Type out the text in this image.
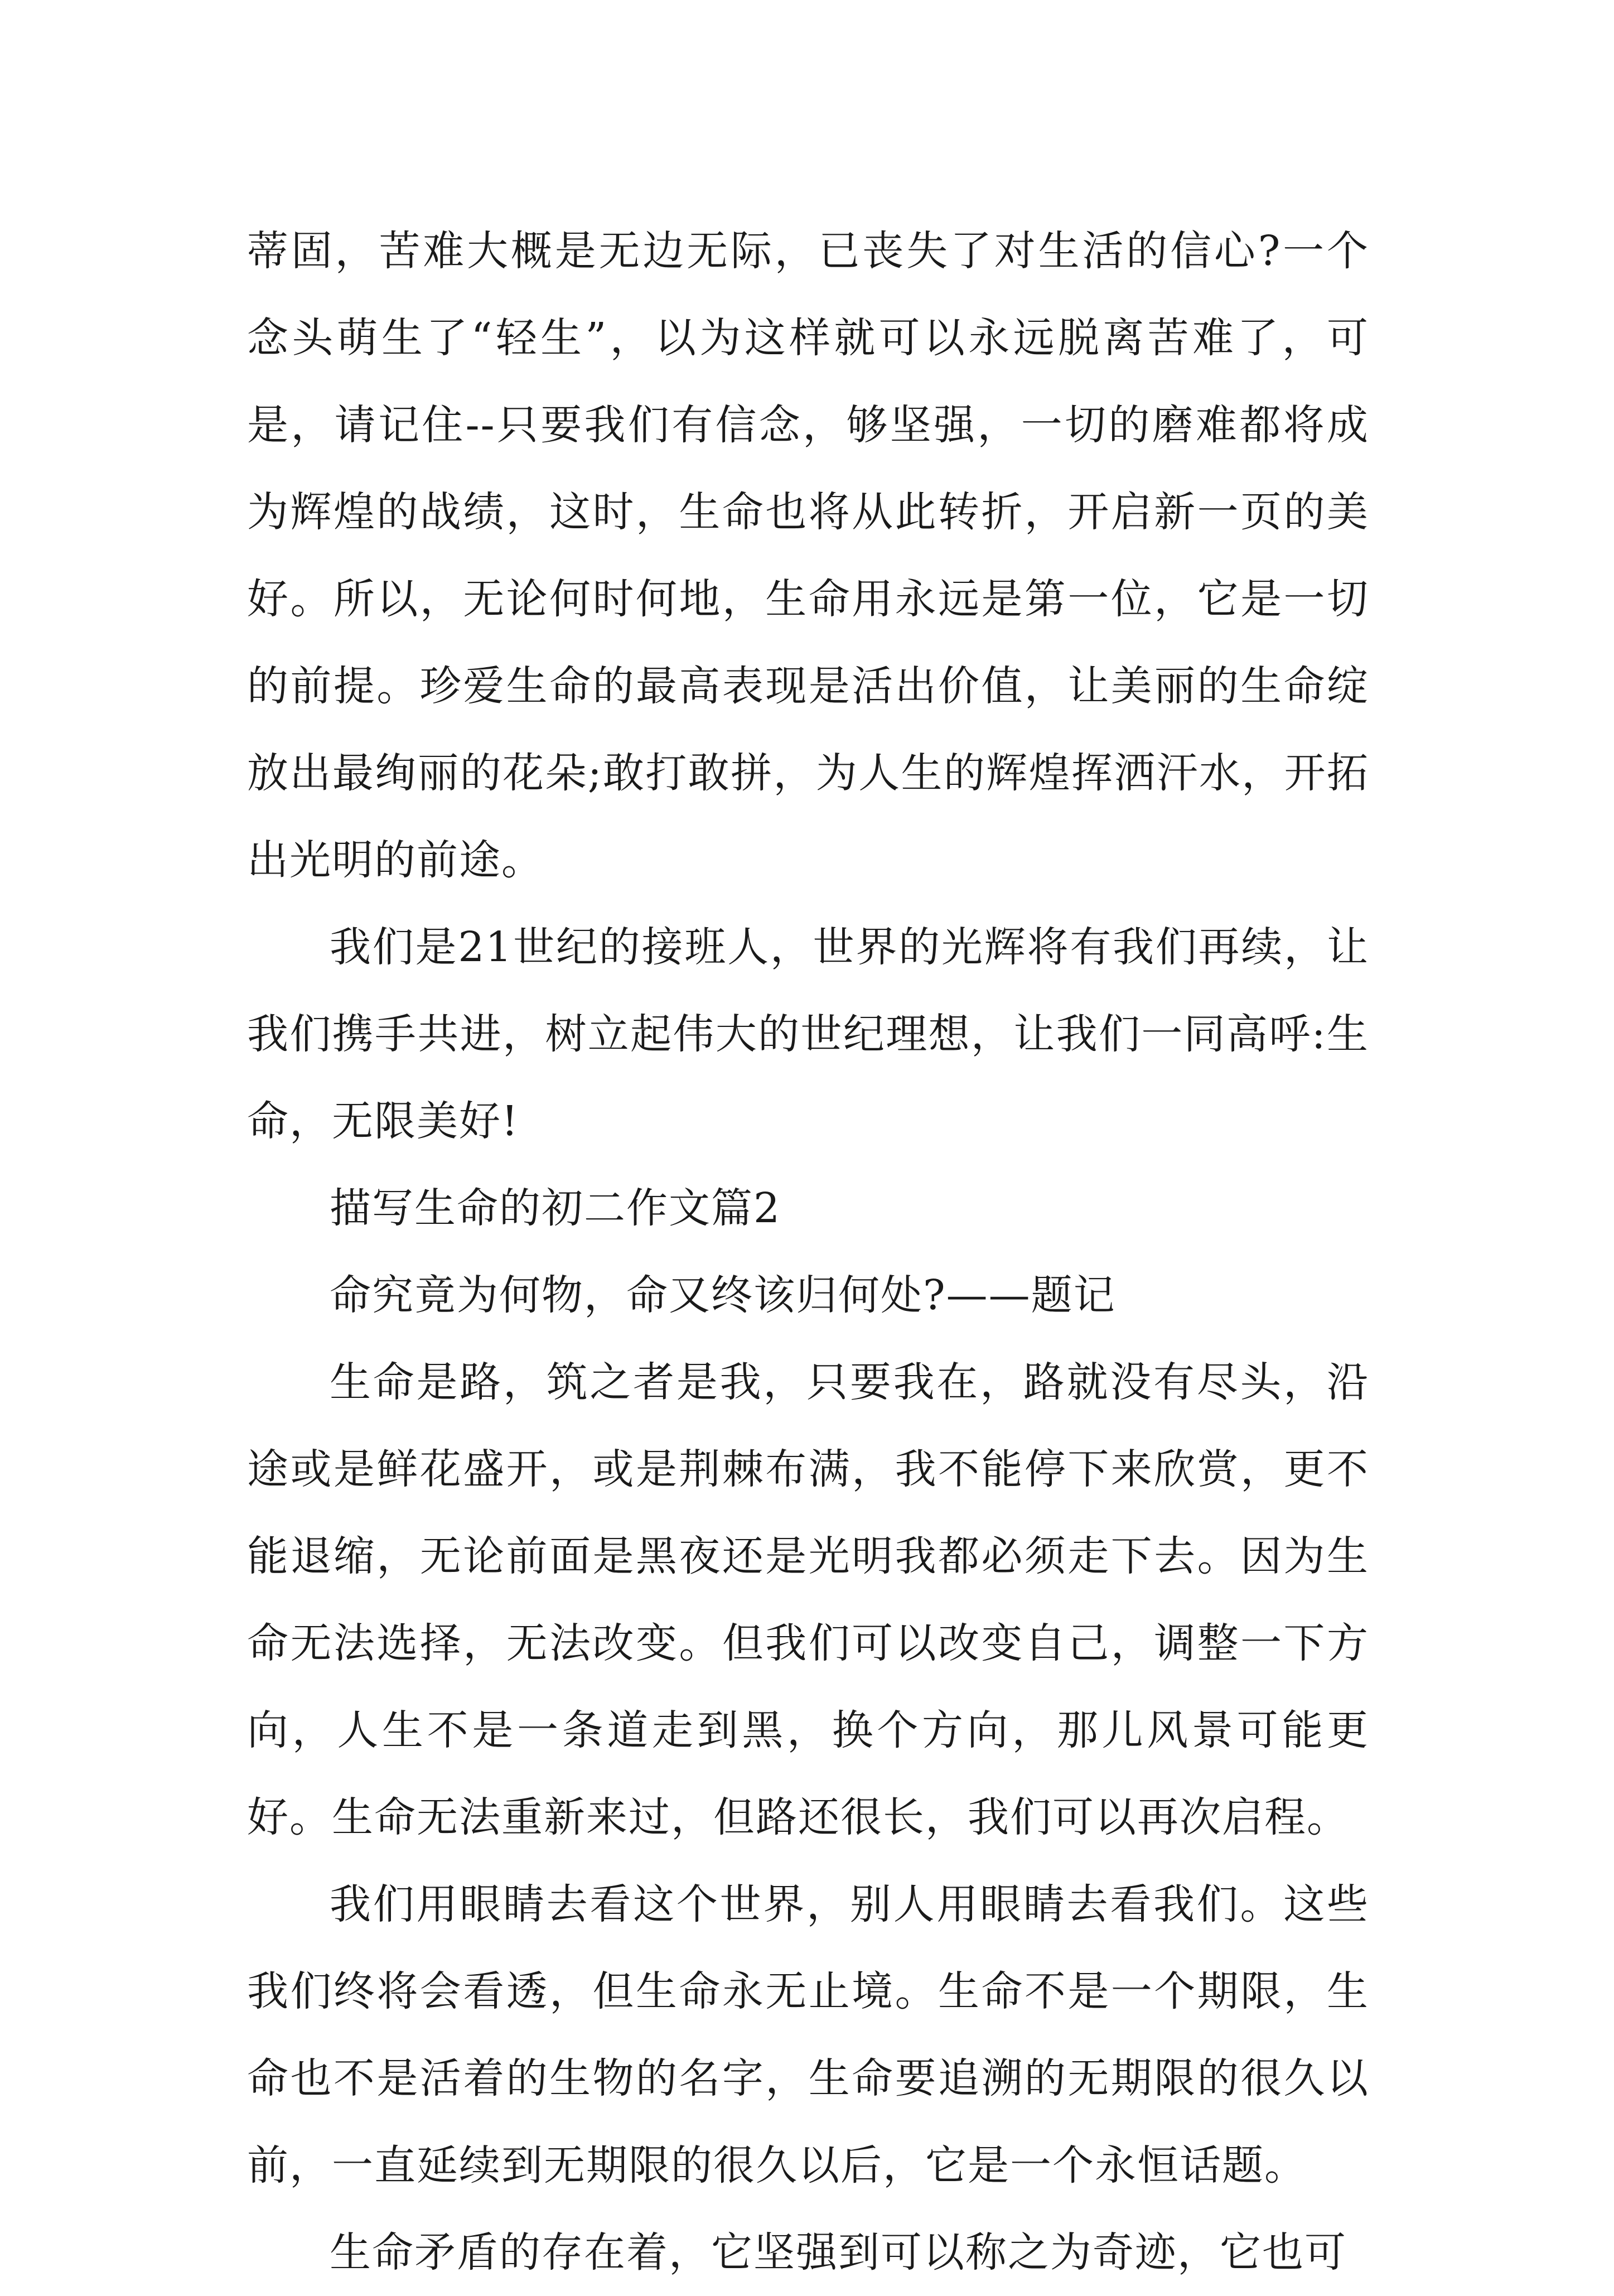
蒂固，苦难大概是无边无际，已丧失了对生活的信心?一个念头萌生了“轻生”，以为这样就可以永远脱离苦难了，可是，请记住--只要我们有信念，够坚强，一切的磨难都将成为辉煌的战绩，这时，生命也将从此转折，开启新一页的美好。所以，无论何时何地，生命用永远是第一位，它是一切的前提。珍爱生命的最高表现是活出价值，让美丽的生命绽放出最绚丽的花朵;敢打敢拼，为人生的辉煌挥洒汗水，开拓出光明的前途。

我们是21世纪的接班人，世界的光辉将有我们再续，让我们携手共进，树立起伟大的世纪理想，让我们一同高呼:生命，无限美好!

描写生命的初二作文篇2

命究竟为何物，命又终该归何处?——题记

生命是路，筑之者是我，只要我在，路就没有尽头，沿途或是鲜花盛开，或是荆棘布满，我不能停下来欣赏，更不能退缩，无论前面是黑夜还是光明我都必须走下去。因为生命无法选择，无法改变。但我们可以改变自己，调整一下方向，人生不是一条道走到黑，换个方向，那儿风景可能更好。生命无法重新来过，但路还很长，我们可以再次启程。

我们用眼睛去看这个世界，别人用眼睛去看我们。这些我们终将会看透，但生命永无止境。生命不是一个期限，生命也不是活着的生物的名字，生命要追溯的无期限的很久以前，一直延续到无期限的很久以后，它是一个永恒话题。

生命矛盾的存在着，它坚强到可以称之为奇迹，它也可
